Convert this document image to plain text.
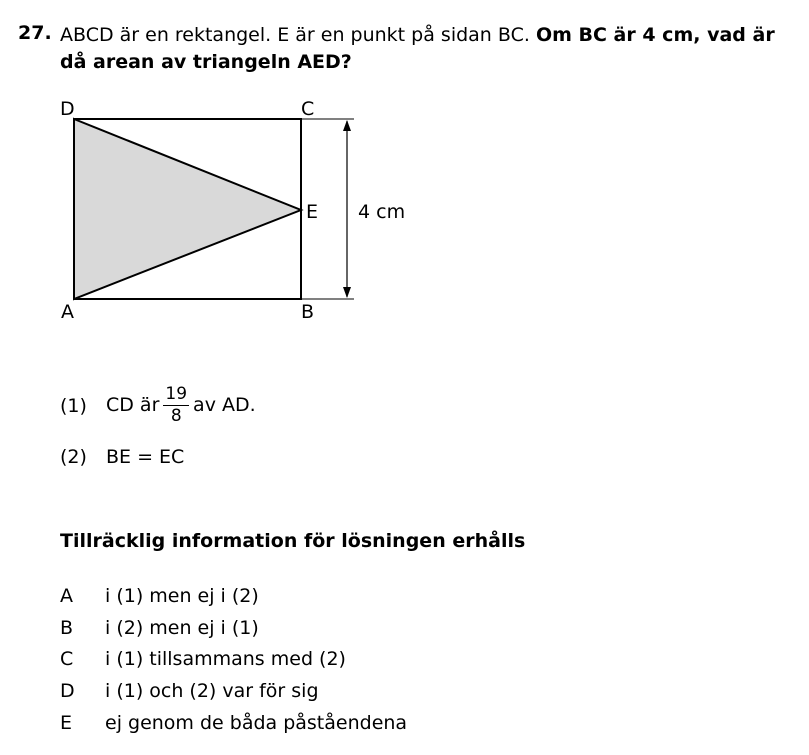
27. ABCD är en rektangel. E är en punkt på sidan BC. Om BC är 4 cm, vad är då arean av triangeln AED?
D	C
E
A	B
4 cm
(1) CD är $\frac{19}{8}$ av AD.
(2) BE = EC
Tillräcklig information för lösningen erhålls
A i (1) men ej i (2)
B i (2) men ej i (1)
C i (1) tillsammans med (2)
D i (1) och (2) var för sig
E ej genom de båda påståendena
